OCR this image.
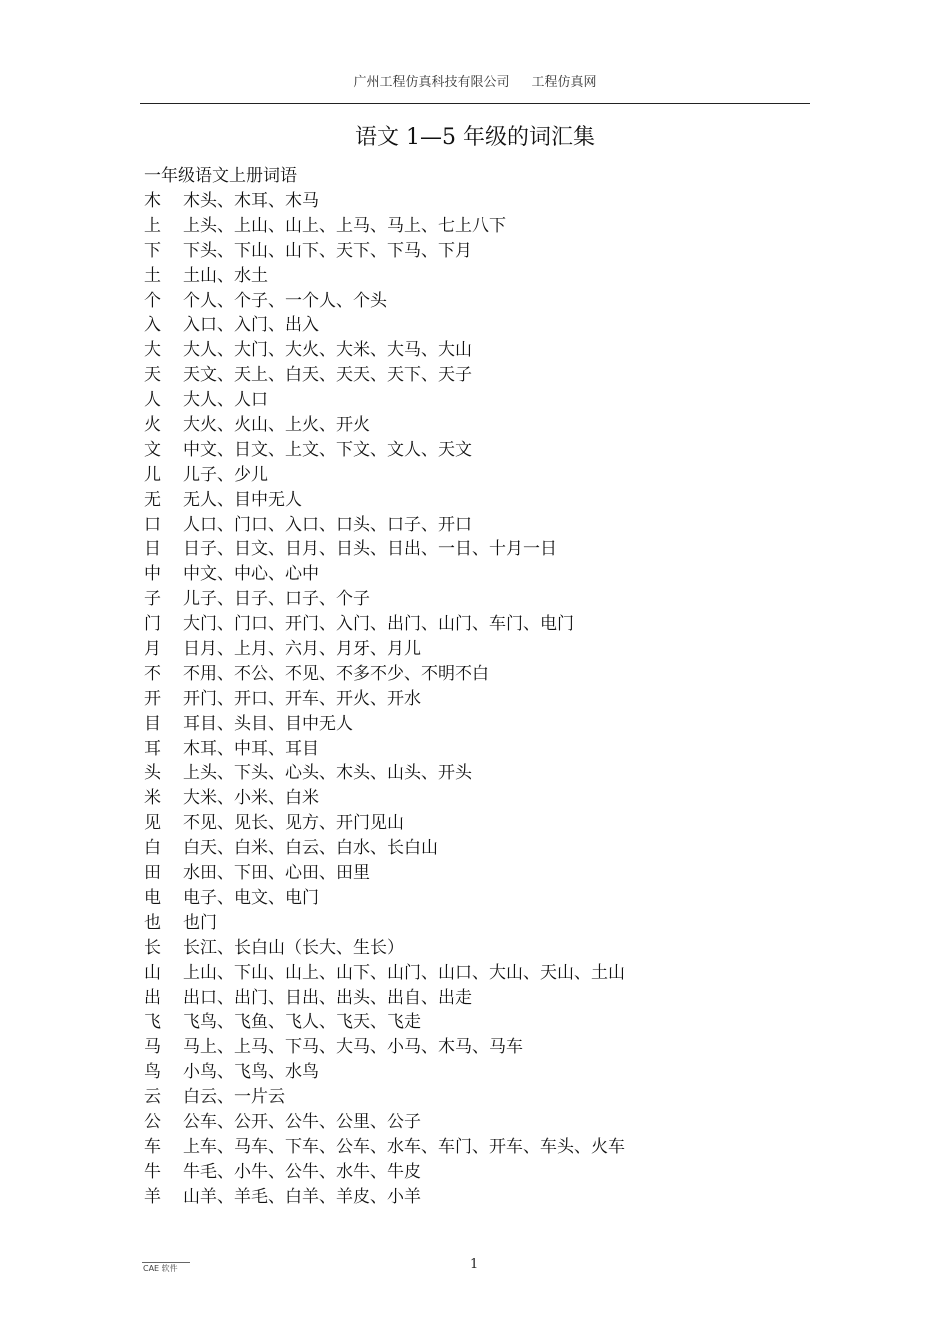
广州工程仿真科技有限公司 工程仿真网
语文 1—5 年级的词汇集
一年级语文上册词语
木 木头、木耳、木马
上 上头、上山、山上、上马、马上、七上八下
下 下头、下山、山下、天下、下马、下月
土 土山、水土
个 个人、个子、一个人、个头
入 入口、入门、出入
大 大人、大门、大火、大米、大马、大山
天 天文、天上、白天、天天、天下、天子
人 大人、人口
火 大火、火山、上火、开火
文 中文、日文、上文、下文、文人、天文
儿 儿子、少儿
无 无人、目中无人
口 人口、门口、入口、口头、口子、开口
日 日子、日文、日月、日头、日出、一日、十月一日
中 中文、中心、心中
子 儿子、日子、口子、个子
门 大门、门口、开门、入门、出门、山门、车门、电门
月 日月、上月、六月、月牙、月儿
不 不用、不公、不见、不多不少、不明不白
开 开门、开口、开车、开火、开水
目 耳目、头目、目中无人
耳 木耳、中耳、耳目
头 上头、下头、心头、木头、山头、开头
米 大米、小米、白米
见 不见、见长、见方、开门见山
白 白天、白米、白云、白水、长白山
田 水田、下田、心田、田里
电 电子、电文、电门
也 也门
长 长江、长白山（长大、生长）
山 上山、下山、山上、山下、山门、山口、大山、天山、土山
出 出口、出门、日出、出头、出自、出走
飞 飞鸟、飞鱼、飞人、飞天、飞走
马 马上、上马、下马、大马、小马、木马、马车
鸟 小鸟、飞鸟、水鸟
云 白云、一片云
公 公车、公开、公牛、公里、公子
车 上车、马车、下车、公车、水车、车门、开车、车头、火车
牛 牛毛、小牛、公牛、水牛、牛皮
羊 山羊、羊毛、白羊、羊皮、小羊
CAE 软件	1
